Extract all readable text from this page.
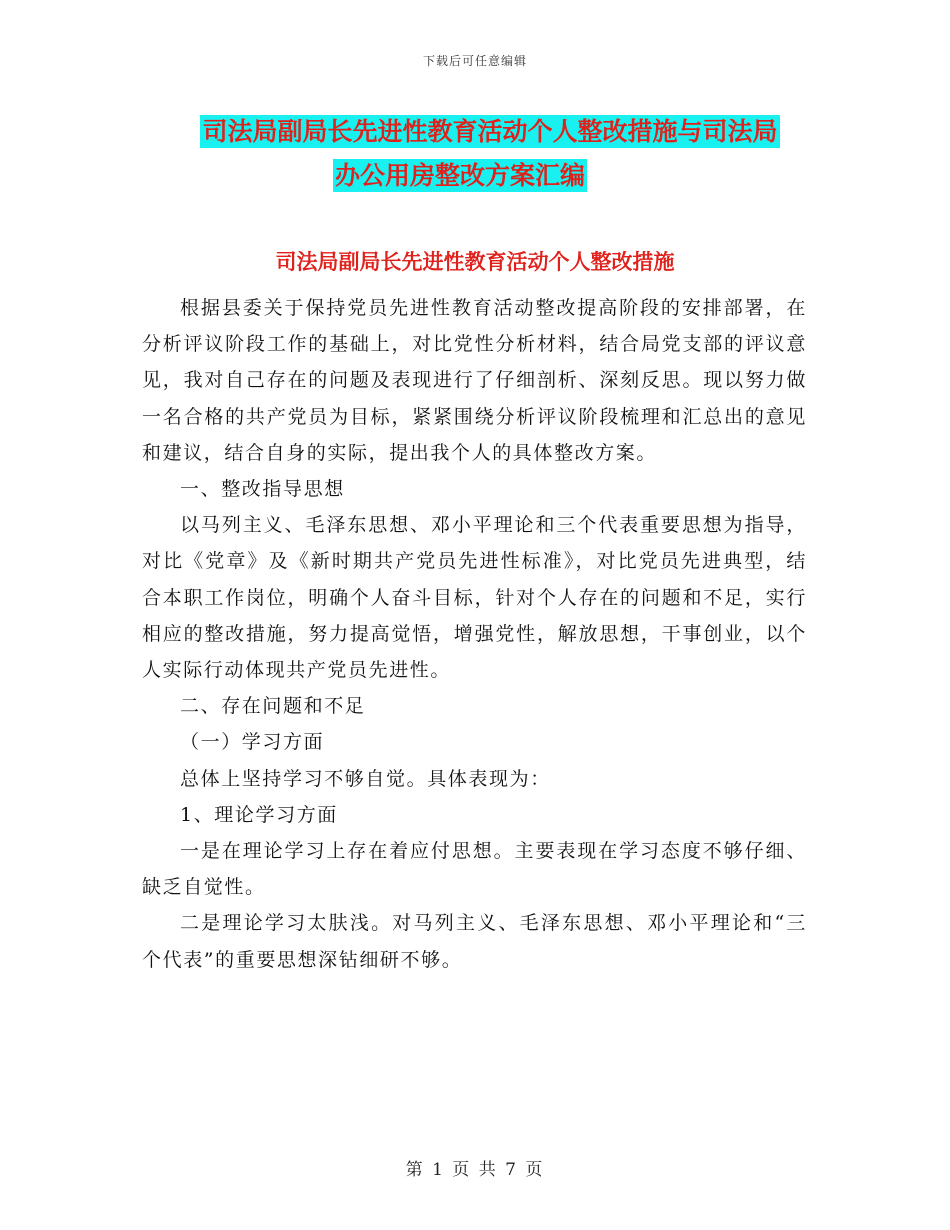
下载后可任意编辑
司法局副局长先进性教育活动个人整改措施与司法局
办公用房整改方案汇编
司法局副局长先进性教育活动个人整改措施

根据县委关于保持党员先进性教育活动整改提高阶段的安排部署，在分析评议阶段工作的基础上，对比党性分析材料，结合局党支部的评议意见，我对自己存在的问题及表现进行了仔细剖析、深刻反思。现以努力做一名合格的共产党员为目标，紧紧围绕分析评议阶段梳理和汇总出的意见和建议，结合自身的实际，提出我个人的具体整改方案。

一、整改指导思想

以马列主义、毛泽东思想、邓小平理论和三个代表重要思想为指导，对比《党章》及《新时期共产党员先进性标准》，对比党员先进典型，结合本职工作岗位，明确个人奋斗目标，针对个人存在的问题和不足，实行相应的整改措施，努力提高觉悟，增强党性，解放思想，干事创业，以个人实际行动体现共产党员先进性。

二、存在问题和不足

（一）学习方面

总体上坚持学习不够自觉。具体表现为：

1、理论学习方面

一是在理论学习上存在着应付思想。主要表现在学习态度不够仔细、缺乏自觉性。

二是理论学习太肤浅。对马列主义、毛泽东思想、邓小平理论和“三个代表”的重要思想深钻细研不够。

第 1 页 共 7 页
